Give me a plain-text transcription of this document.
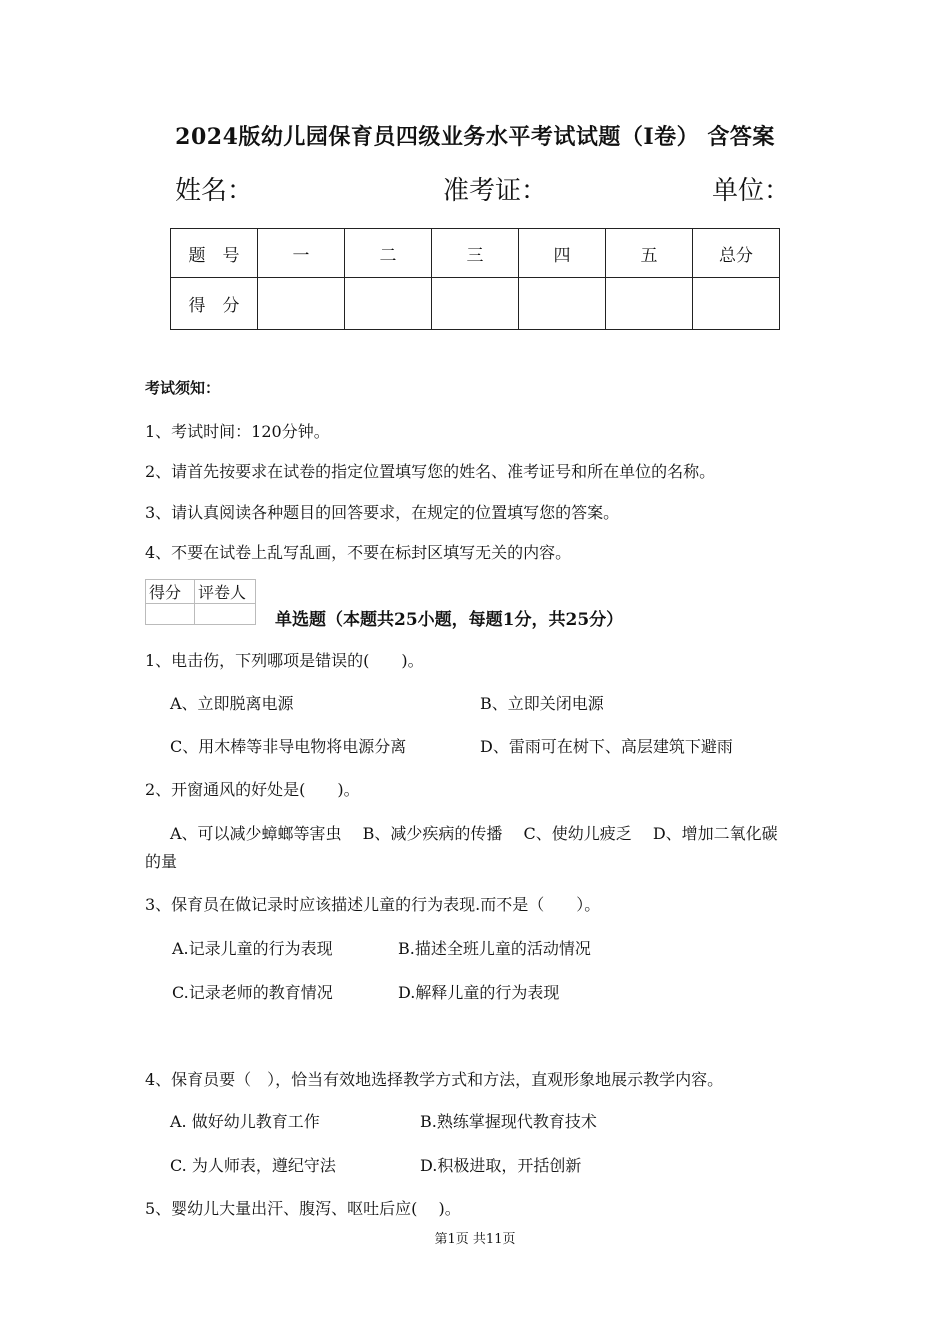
2024版幼儿园保育员四级业务水平考试试题（I卷） 含答案
姓名：	准考证：	单位：
题　号	一	二	三	四	五	总分
得　分						
考试须知：
1、考试时间：120分钟。
2、请首先按要求在试卷的指定位置填写您的姓名、准考证号和所在单位的名称。
3、请认真阅读各种题目的回答要求，在规定的位置填写您的答案。
4、不要在试卷上乱写乱画，不要在标封区填写无关的内容。
得分	评卷人

单选题（本题共25小题，每题1分，共25分）
1、电击伤，下列哪项是错误的(　　)。
A、立即脱离电源	B、立即关闭电源
C、用木棒等非导电物将电源分离	D、雷雨可在树下、高层建筑下避雨
2、开窗通风的好处是(　　)。
A、可以减少蟑螂等害虫　 B、减少疾病的传播　 C、使幼儿疲乏　 D、增加二氧化碳
的量
3、保育员在做记录时应该描述儿童的行为表现.而不是（　　）。
A.记录儿童的行为表现	B.描述全班儿童的活动情况
C.记录老师的教育情况	D.解释儿童的行为表现
4、保育员要（　），恰当有效地选择教学方式和方法，直观形象地展示教学内容。
A. 做好幼儿教育工作	B.熟练掌握现代教育技术
C. 为人师表，遵纪守法	D.积极进取，开括创新
5、婴幼儿大量出汗、腹泻、呕吐后应(　 )。
第1页 共11页
